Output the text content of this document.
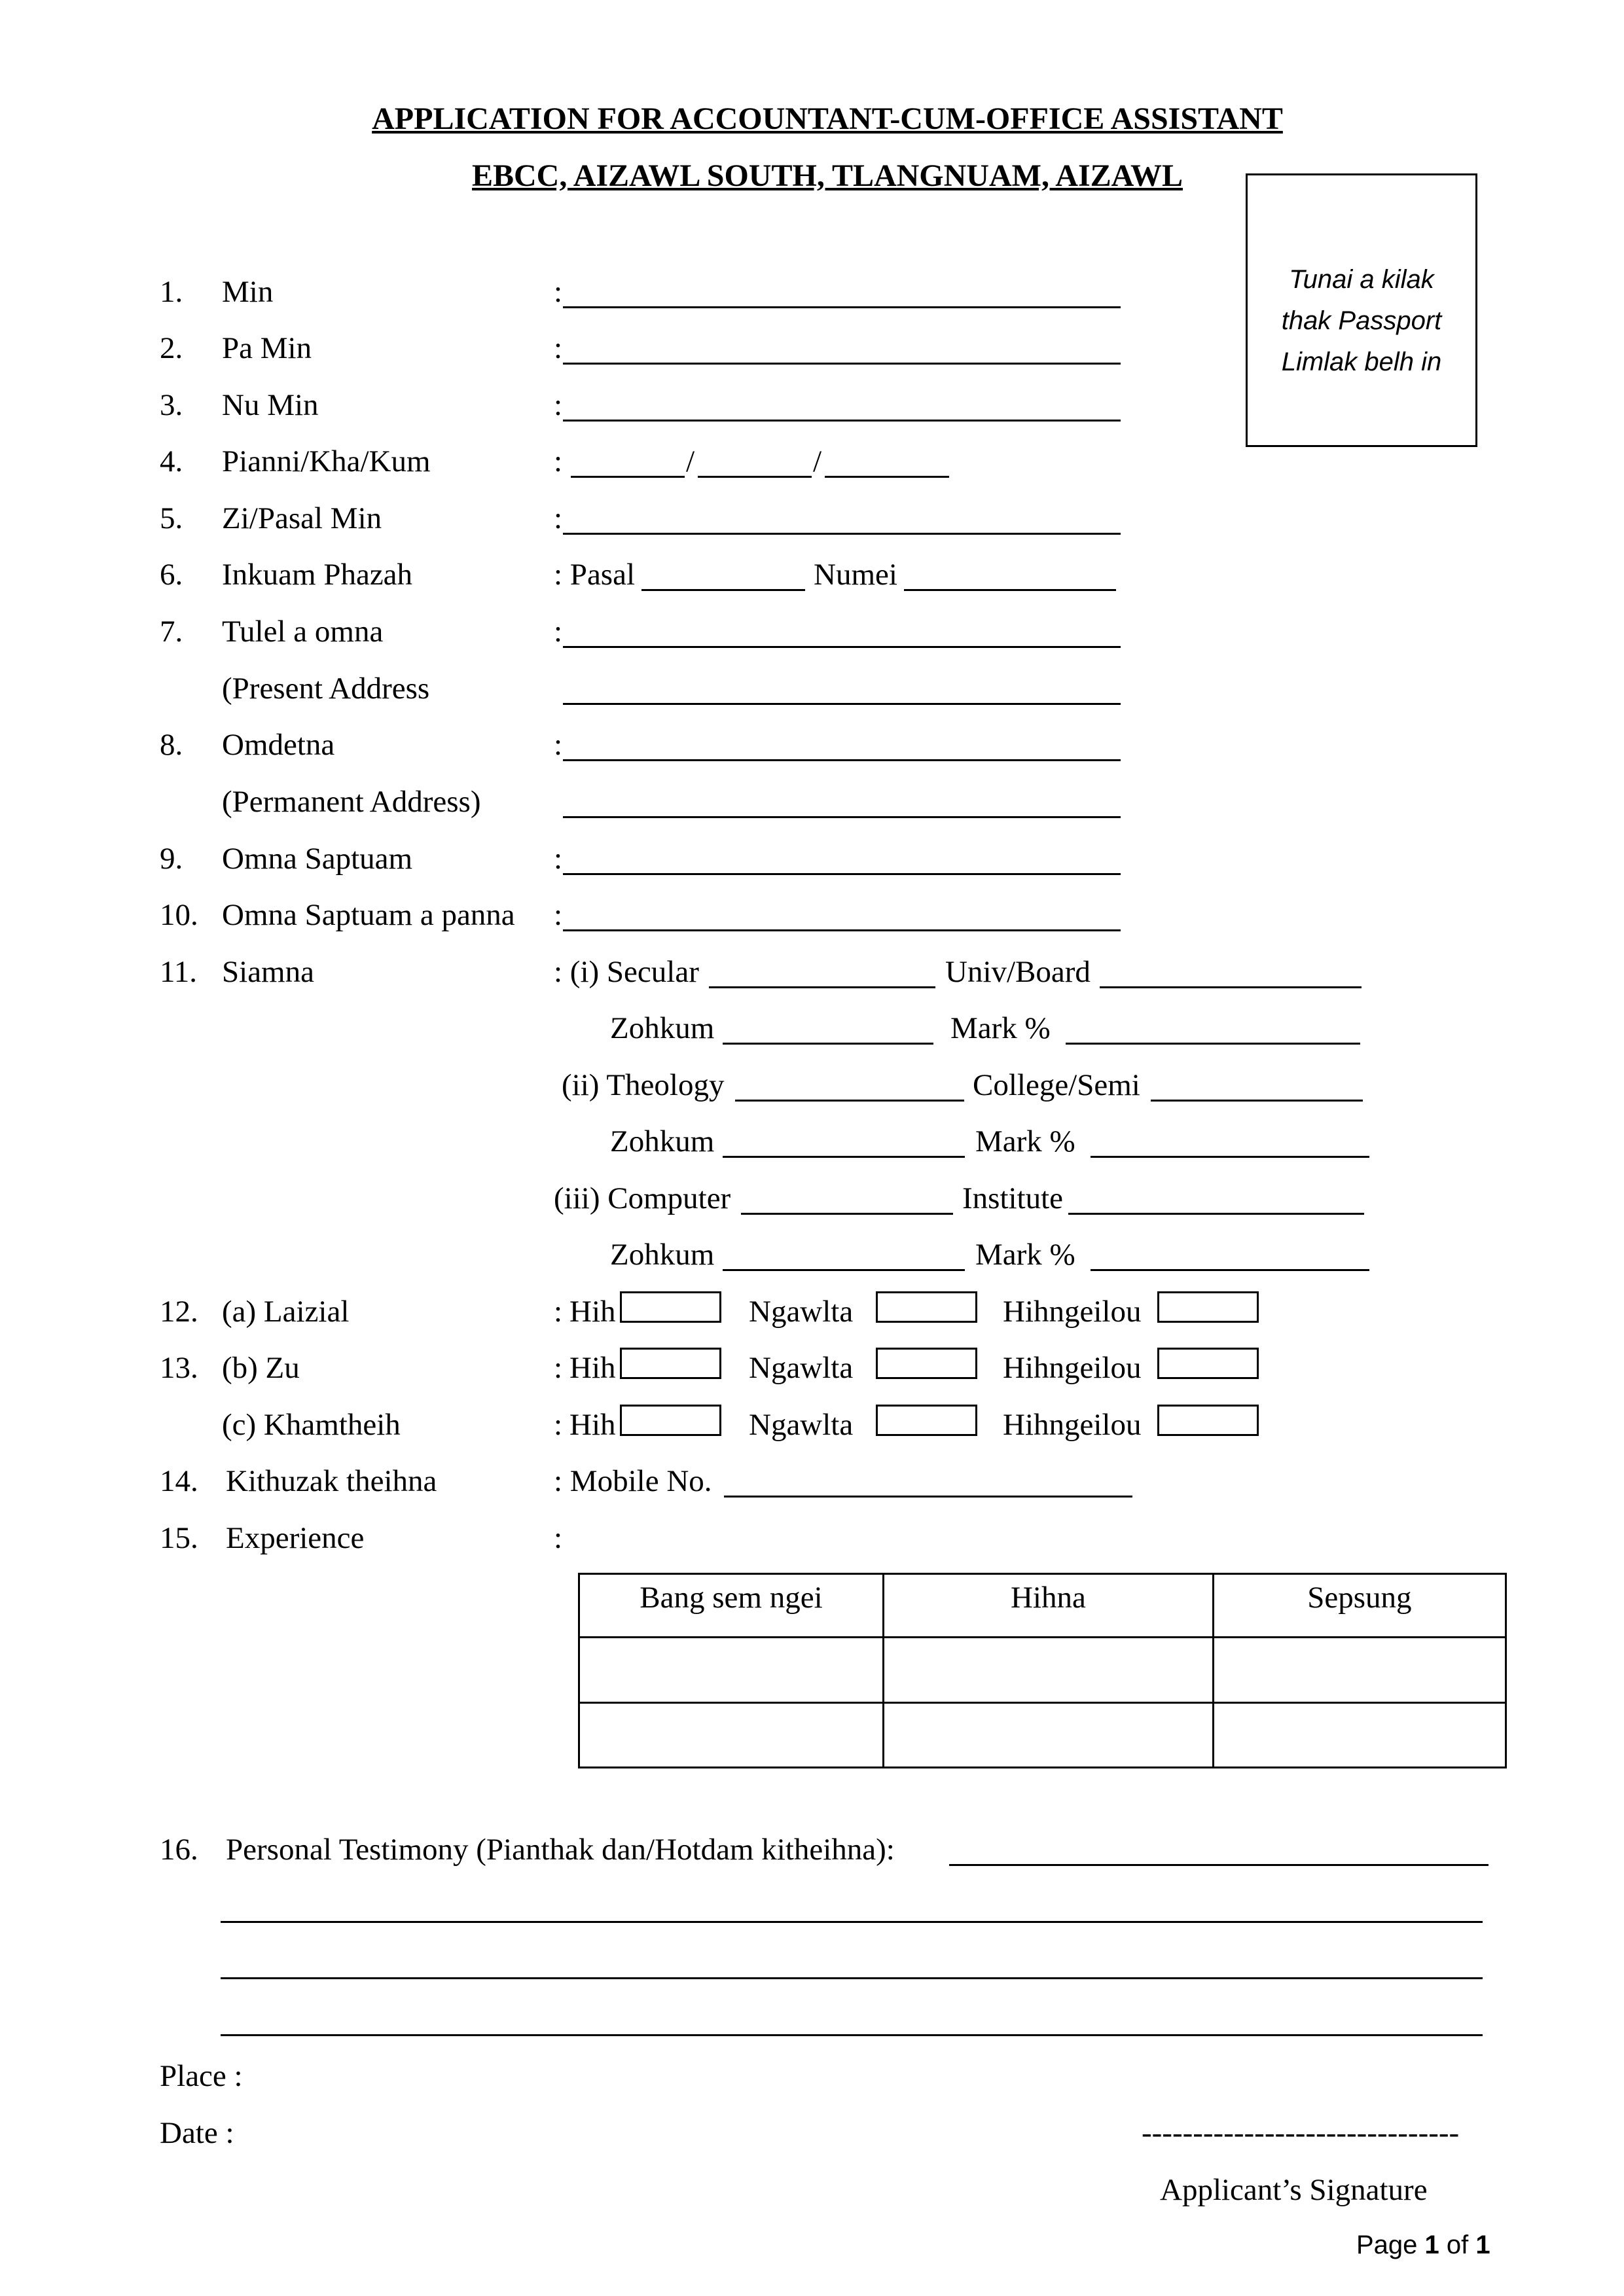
APPLICATION FOR ACCOUNTANT-CUM-OFFICE ASSISTANT
EBCC, AIZAWL SOUTH, TLANGNUAM, AIZAWL
Tunai a kilak
thak Passport
Limlak belh in
1. Min	:
2. Pa Min	:
3. Nu Min	:
4. Pianni/Kha/Kum	:	/	/
5. Zi/Pasal Min	:
6. Inkuam Phazah	: Pasal	Numei
7. Tulel a omna	:
(Present Address
8. Omdetna	:
(Permanent Address)
9. Omna Saptuam	:
10. Omna Saptuam a panna :
11. Siamna	: (i) Secular	Univ/Board
Zohkum	Mark %
(ii) Theology	College/Semi
Zohkum	Mark %
(iii) Computer	Institute
Zohkum	Mark %
12. (a) Laizial	: Hih	Ngawlta	Hihngeilou
13. (b) Zu	: Hih	Ngawlta	Hihngeilou
(c) Khamtheih	: Hih	Ngawlta	Hihngeilou
14. Kithuzak theihna	: Mobile No.
15. Experience	:
Bang sem ngei	Hihna	Sepsung

16. Personal Testimony (Pianthak dan/Hotdam kitheihna):
Place :
Date :	-------------------------------
Applicant’s Signature
Page 1 of 1
